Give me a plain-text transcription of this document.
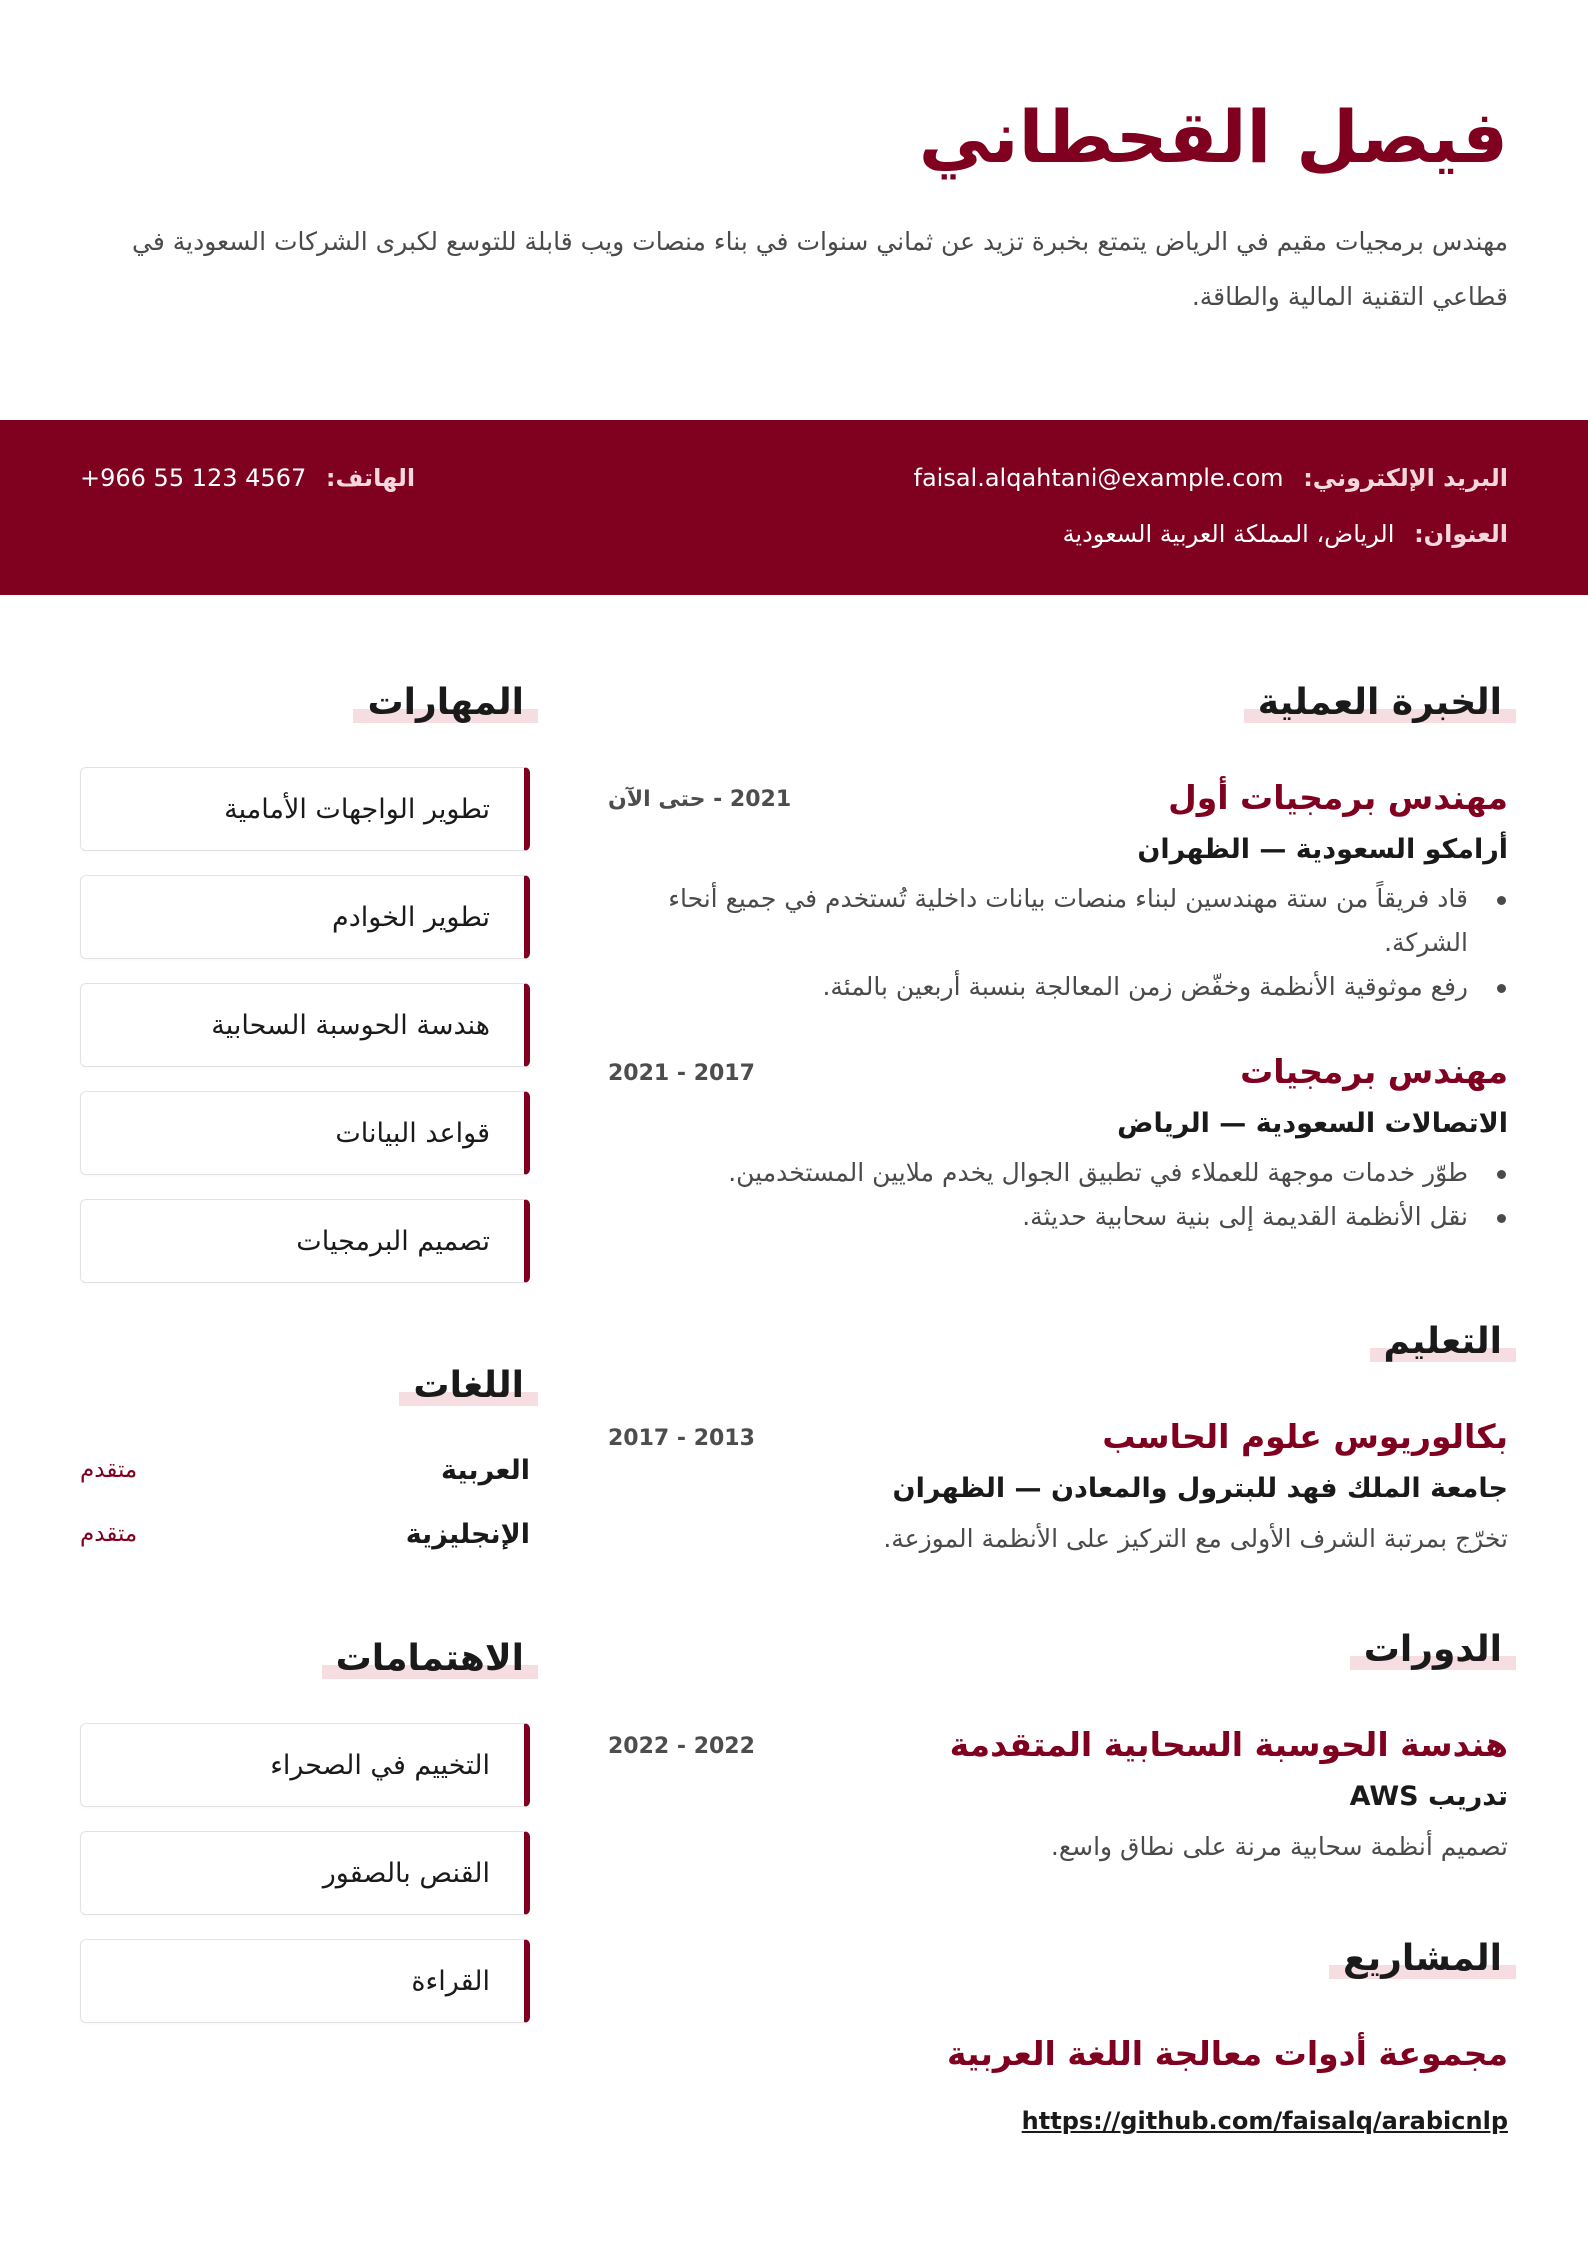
فيصل القحطاني

مهندس برمجيات مقيم في الرياض يتمتع بخبرة تزيد عن ثماني سنوات في بناء منصات ويب قابلة للتوسع لكبرى الشركات السعودية في قطاعي التقنية المالية والطاقة.

البريد الإلكتروني: faisal.alqahtani@example.com
الهاتف: +966 55 123 4567
العنوان: الرياض، المملكة العربية السعودية
الخبرة العملية
مهندس برمجيات أول
2021 - حتى الآن
أرامكو السعودية — الظهران
قاد فريقاً من ستة مهندسين لبناء منصات بيانات داخلية تُستخدم في جميع أنحاء الشركة.
رفع موثوقية الأنظمة وخفّض زمن المعالجة بنسبة أربعين بالمئة.
مهندس برمجيات
2017 - 2021
الاتصالات السعودية — الرياض
طوّر خدمات موجهة للعملاء في تطبيق الجوال يخدم ملايين المستخدمين.
نقل الأنظمة القديمة إلى بنية سحابية حديثة.
التعليم
بكالوريوس علوم الحاسب
2013 - 2017
جامعة الملك فهد للبترول والمعادن — الظهران
تخرّج بمرتبة الشرف الأولى مع التركيز على الأنظمة الموزعة.
الدورات
هندسة الحوسبة السحابية المتقدمة
2022 - 2022
تدريب AWS
تصميم أنظمة سحابية مرنة على نطاق واسع.
المشاريع
مجموعة أدوات معالجة اللغة العربية
https://github.com/faisalq/arabicnlp
المهارات
تطوير الواجهات الأمامية
تطوير الخوادم
هندسة الحوسبة السحابية
قواعد البيانات
تصميم البرمجيات
اللغات
العربية
متقدم
الإنجليزية
متقدم
الاهتمامات
التخييم في الصحراء
القنص بالصقور
القراءة
